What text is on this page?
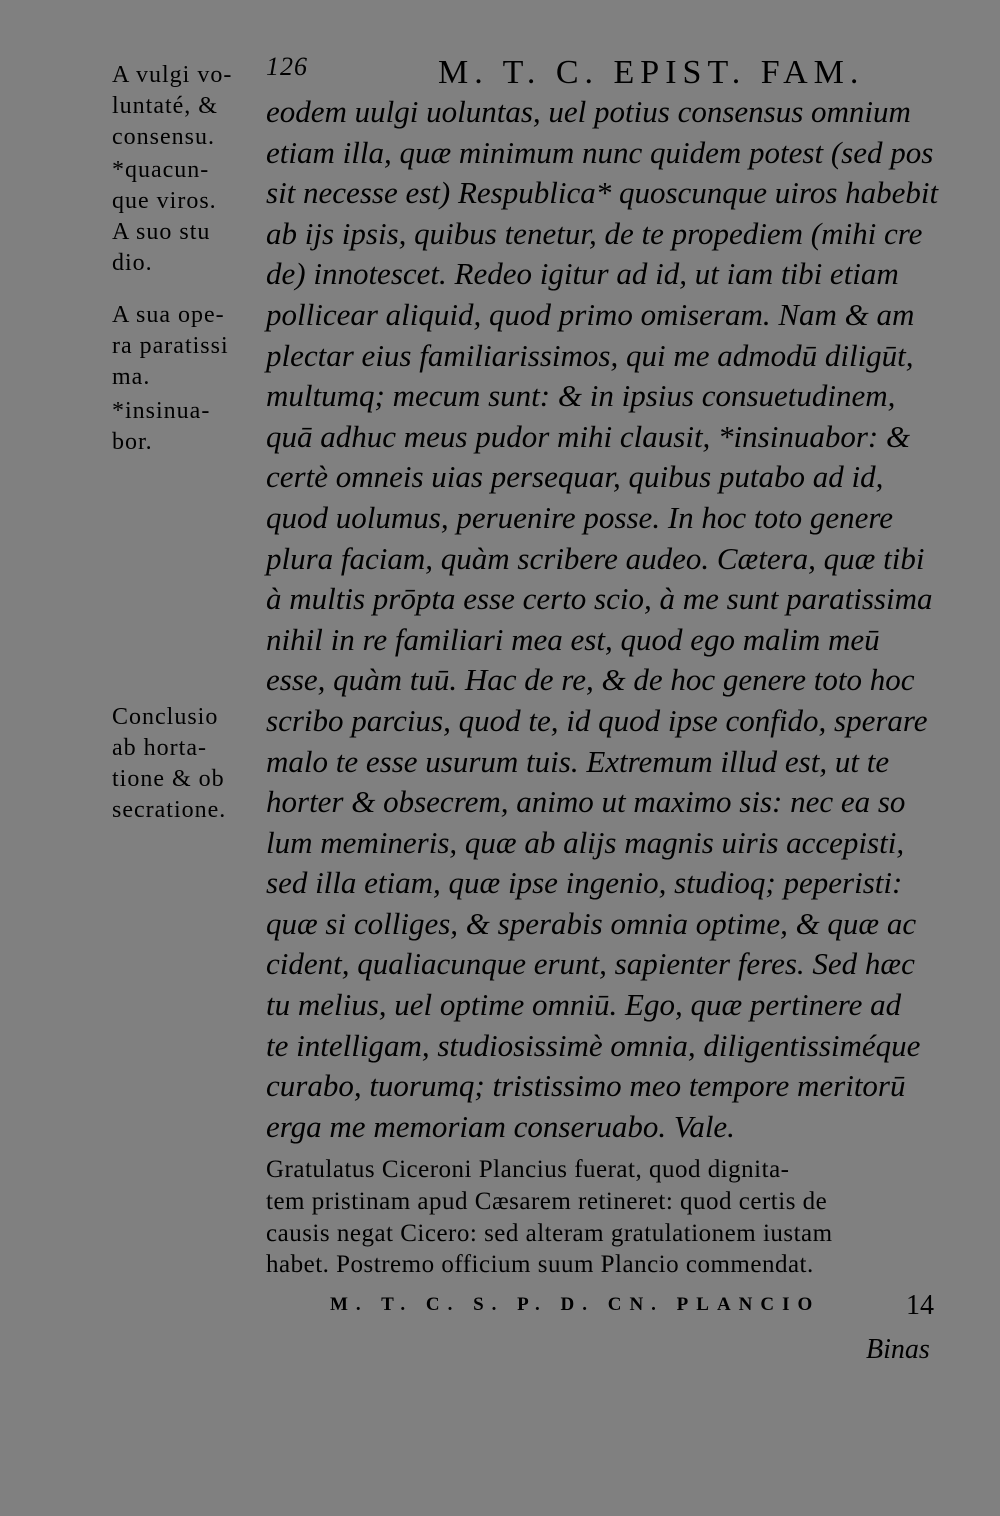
126	M. T. C. EPIST. FAM.

A vulgi vo-

luntaté, &

consensu.

*quacun-

que viros.

A suo stu

dio.

A sua ope-

ra paratissi

ma.

*insinua-

bor.

Conclusio

ab horta-

tione & ob

secratione.

eodem uulgi uoluntas, uel potius consensus omnium
etiam illa, quæ minimum nunc quidem potest (sed pos
sit necesse est) Respublica* quoscunque uiros habebit
ab ijs ipsis, quibus tenetur, de te propediem (mihi cre
de) innotescet. Redeo igitur ad id, ut iam tibi etiam
pollicear aliquid, quod primo omiseram. Nam & am
plectar eius familiarissimos, qui me admodū diligūt,
multumq; mecum sunt: & in ipsius consuetudinem,
quā adhuc meus pudor mihi clausit, *insinuabor: &
certè omneis uias persequar, quibus putabo ad id,
quod uolumus, peruenire posse. In hoc toto genere
plura faciam, quàm scribere audeo. Cætera, quæ tibi
à multis prōpta esse certo scio, à me sunt paratissima
nihil in re familiari mea est, quod ego malim meū
esse, quàm tuū. Hac de re, & de hoc genere toto hoc
scribo parcius, quod te, id quod ipse confido, sperare
malo te esse usurum tuis. Extremum illud est, ut te
horter & obsecrem, animo ut maximo sis: nec ea so
lum memineris, quæ ab alijs magnis uiris accepisti,
sed illa etiam, quæ ipse ingenio, studioq; peperisti:
quæ si colliges, & sperabis omnia optime, & quæ ac
cident, qualiacunque erunt, sapienter feres. Sed hæc
tu melius, uel optime omniū. Ego, quæ pertinere ad
te intelligam, studiosissimè omnia, diligentissiméque
curabo, tuorumq; tristissimo meo tempore meritorū
erga me memoriam conseruabo. Vale.
Gratulatus Ciceroni Plancius fuerat, quod dignita-
tem pristinam apud Cæsarem retineret: quod certis de
causis negat Cicero: sed alteram gratulationem iustam
habet. Postremo officium suum Plancio commendat.
M. T. C. S. P. D. CN. PLANCIO	14
Binas
